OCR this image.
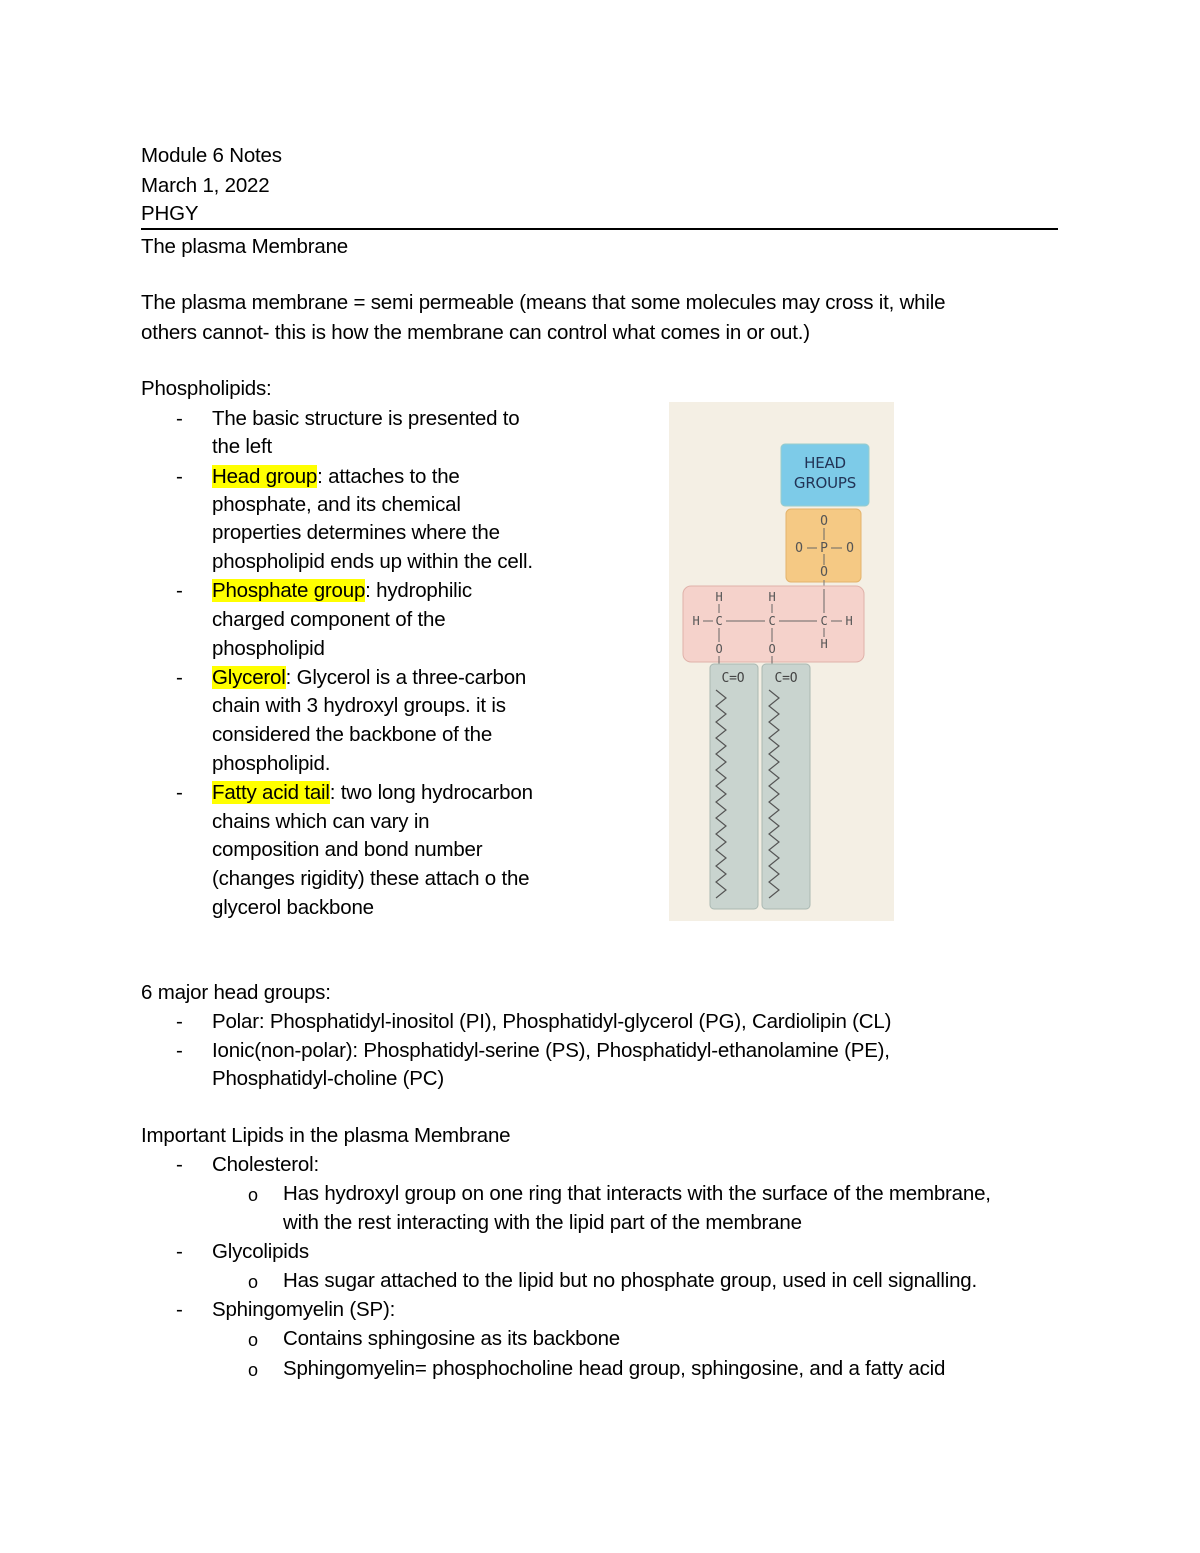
Module 6 Notes
March 1, 2022
PHGY
The plasma Membrane
The plasma membrane = semi permeable (means that some molecules may cross it, while
others cannot- this is how the membrane can control what comes in or out.)
Phospholipids:
- The basic structure is presented to
the left
- Head group: attaches to the
phosphate, and its chemical
properties determines where the
phospholipid ends up within the cell.
- Phosphate group: hydrophilic
charged component of the
phospholipid
- Glycerol: Glycerol is a three-carbon
chain with 3 hydroxyl groups. it is
considered the backbone of the
phospholipid.
- Fatty acid tail: two long hydrocarbon
chains which can vary in
composition and bond number
(changes rigidity) these attach o the
glycerol backbone
HEAD
GROUPS
O
O P O
O
H	H
H C	C	C H
H
O	O
C=O C=O
6 major head groups:
- Polar: Phosphatidyl-inositol (PI), Phosphatidyl-glycerol (PG), Cardiolipin (CL)
- Ionic(non-polar): Phosphatidyl-serine (PS), Phosphatidyl-ethanolamine (PE),
Phosphatidyl-choline (PC)
Important Lipids in the plasma Membrane
- Cholesterol:
o Has hydroxyl group on one ring that interacts with the surface of the membrane,
with the rest interacting with the lipid part of the membrane
- Glycolipids
o Has sugar attached to the lipid but no phosphate group, used in cell signalling.
- Sphingomyelin (SP):
o Contains sphingosine as its backbone
o Sphingomyelin= phosphocholine head group, sphingosine, and a fatty acid
